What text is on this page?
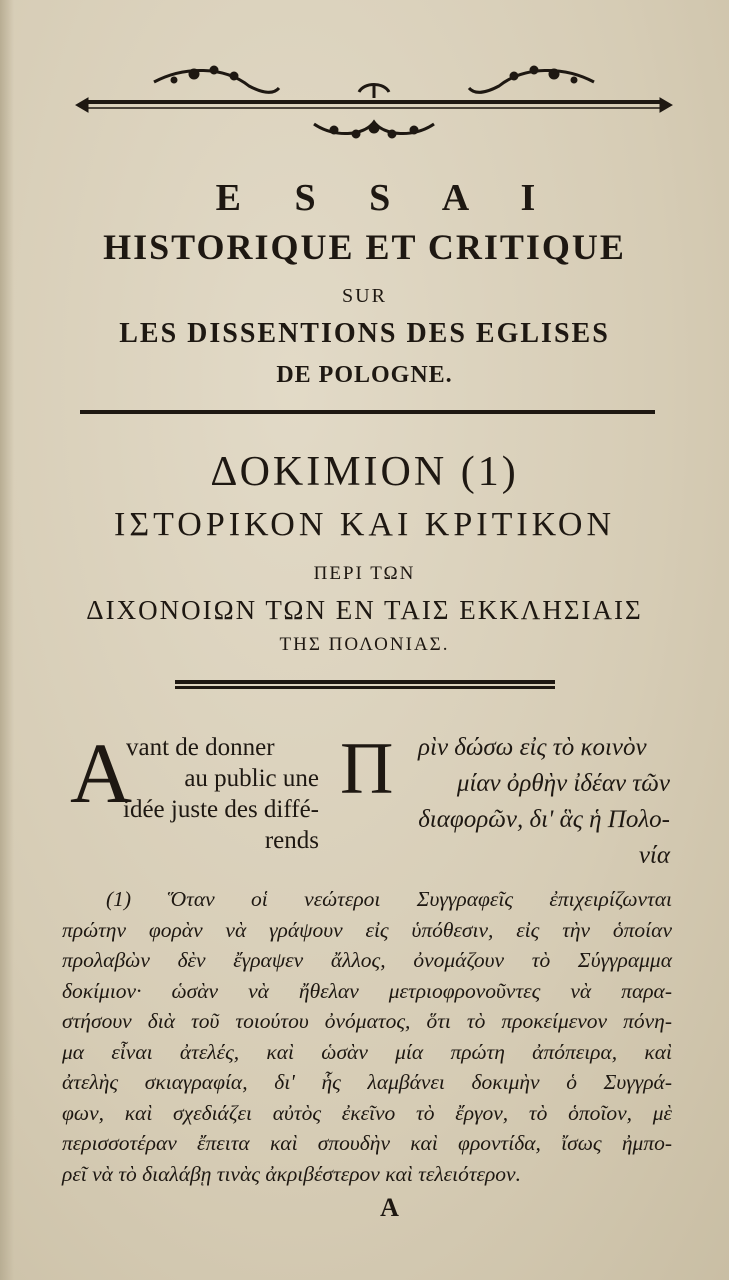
E S S A I
HISTORIQUE ET CRITIQUE
SUR
LES DISSENTIONS DES EGLISES
DE POLOGNE.
ΔΟΚΙΜΙΟΝ (1)
ΙΣΤΟΡΙΚΟΝ ΚΑΙ ΚΡΙΤΙΚΟΝ
ΠΕΡΙ ΤΩΝ
ΔΙΧΟΝΟΙΩΝ ΤΩΝ ΕΝ ΤΑΙΣ ΕΚΚΛΗΣΙΑΙΣ
ΤΗΣ ΠΟΛΟΝΙΑΣ.
A
vant de donner
au public une
idée juste des diffé-
rends
Π ρὶν δώσω εἰς τὸ κοινὸν
μίαν ὀρθὴν ἰδέαν τῶν
διαφορῶν, δι' ἃς ἡ Πολο-
νία
(1) Ὅταν οἱ νεώτεροι Συγγραφεῖς ἐπιχειρίζωνται
πρώτην φορὰν νὰ γράψουν εἰς ὑπόθεσιν, εἰς τὴν ὁποίαν
προλαβὼν δὲν ἔγραψεν ἄλλος, ὀνομάζουν τὸ Σύγγραμμα
δοκίμιον· ὡσὰν νὰ ἤθελαν μετριοφρονοῦντες νὰ παρα-
στήσουν διὰ τοῦ τοιούτου ὀνόματος, ὅτι τὸ προκείμενον πόνη-
μα εἶναι ἀτελές, καὶ ὡσὰν μία πρώτη ἀπόπειρα, καὶ
ἀτελὴς σκιαγραφία, δι' ἧς λαμβάνει δοκιμὴν ὁ Συγγρά-
φων, καὶ σχεδιάζει αὐτὸς ἐκεῖνο τὸ ἔργον, τὸ ὁποῖον, μὲ
περισσοτέραν ἔπειτα καὶ σπουδὴν καὶ φροντίδα, ἴσως ἠμπο-
ρεῖ νὰ τὸ διαλάβῃ τινὰς ἀκριβέστερον καὶ τελειότερον.
A
